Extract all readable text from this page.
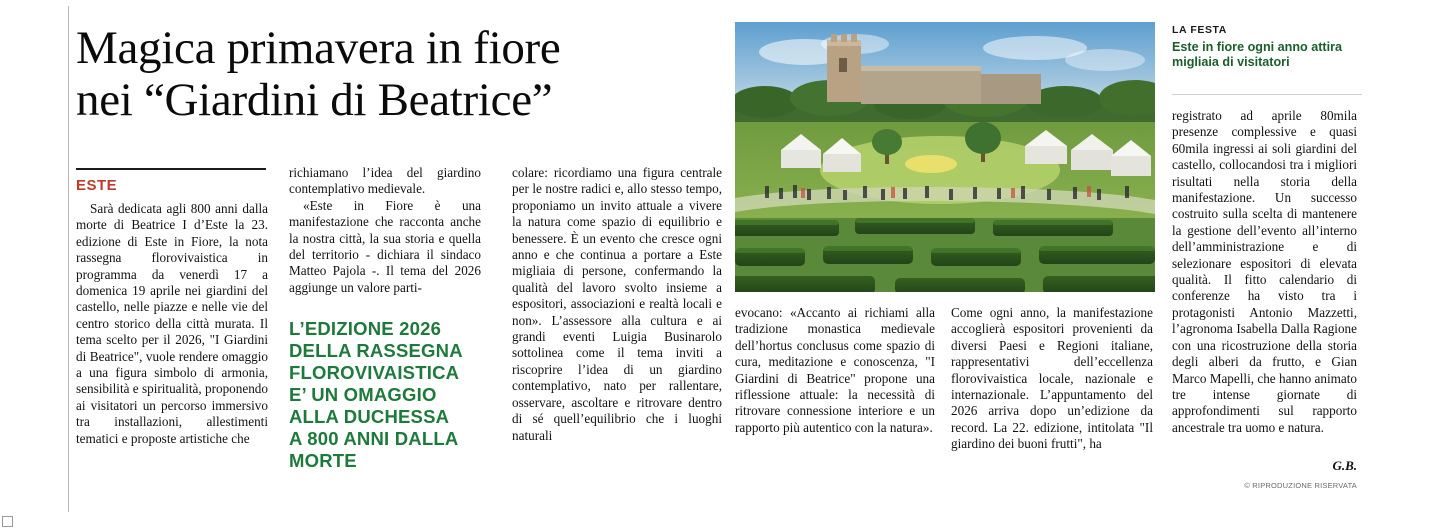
Magica primavera in fiore
nei “Giardini di Beatrice”
ESTE

Sarà dedicata agli 800 anni dalla morte di Beatrice I d’Este la 23. edizione di Este in Fiore, la nota rassegna florovivaistica in programma da venerdì 17 a domenica 19 aprile nei giardini del castello, nelle piazze e nelle vie del centro storico della città murata. Il tema scelto per il 2026, "I Giardini di Beatrice", vuole rendere omaggio a una figura simbolo di armonia, sensibilità e spiritualità, proponendo ai visitatori un percorso immersivo tra installazioni, allestimenti tematici e proposte artistiche che

richiamano l’idea del giardino contemplativo medievale.

«Este in Fiore è una manifestazione che racconta anche la nostra città, la sua storia e quella del territorio - dichiara il sindaco Matteo Pajola -. Il tema del 2026 aggiunge un valore parti-

colare: ricordiamo una figura centrale per le nostre radici e, allo stesso tempo, proponiamo un invito attuale a vivere la natura come spazio di equilibrio e benessere. È un evento che cresce ogni anno e che continua a portare a Este migliaia di persone, confermando la qualità del lavoro svolto insieme a espositori, associazioni e realtà locali e non». L’assessore alla cultura e ai grandi eventi Luigia Businarolo sottolinea come il tema inviti a riscoprire l’idea di un giardino contemplativo, nato per rallentare, osservare, ascoltare e ritrovare dentro di sé quell’equilibrio che i luoghi naturali

evocano: «Accanto ai richiami alla tradizione monastica medievale dell’hortus conclusus come spazio di cura, meditazione e conoscenza, "I Giardini di Beatrice" propone una riflessione attuale: la necessità di ritrovare connessione interiore e un rapporto più autentico con la natura».

Come ogni anno, la manifestazione accoglierà espositori provenienti da diversi Paesi e Regioni italiane, rappresentativi dell’eccellenza florovivaistica locale, nazionale e internazionale. L’appuntamento del 2026 arriva dopo un’edizione da record. La 22. edizione, intitolata "Il giardino dei buoni frutti", ha

registrato ad aprile 80mila presenze complessive e quasi 60mila ingressi ai soli giardini del castello, collocandosi tra i migliori risultati nella storia della manifestazione. Un successo costruito sulla scelta di mantenere la gestione dell’evento all’interno dell’amministrazione e di selezionare espositori di elevata qualità. Il fitto calendario di conferenze ha visto tra i protagonisti Antonio Mazzetti, l’agronoma Isabella Dalla Ragione con una ricostruzione della storia degli alberi da frutto, e Gian Marco Mapelli, che hanno animato tre intense giornate di approfondimenti sul rapporto ancestrale tra uomo e natura.

L’EDIZIONE 2026
DELLA RASSEGNA
FLOROVIVAISTICA
E’ UN OMAGGIO
ALLA DUCHESSA
A 800 ANNI DALLA MORTE
LA FESTA
Este in fiore ogni anno attira migliaia di visitatori
G.B.
© RIPRODUZIONE RISERVATA
